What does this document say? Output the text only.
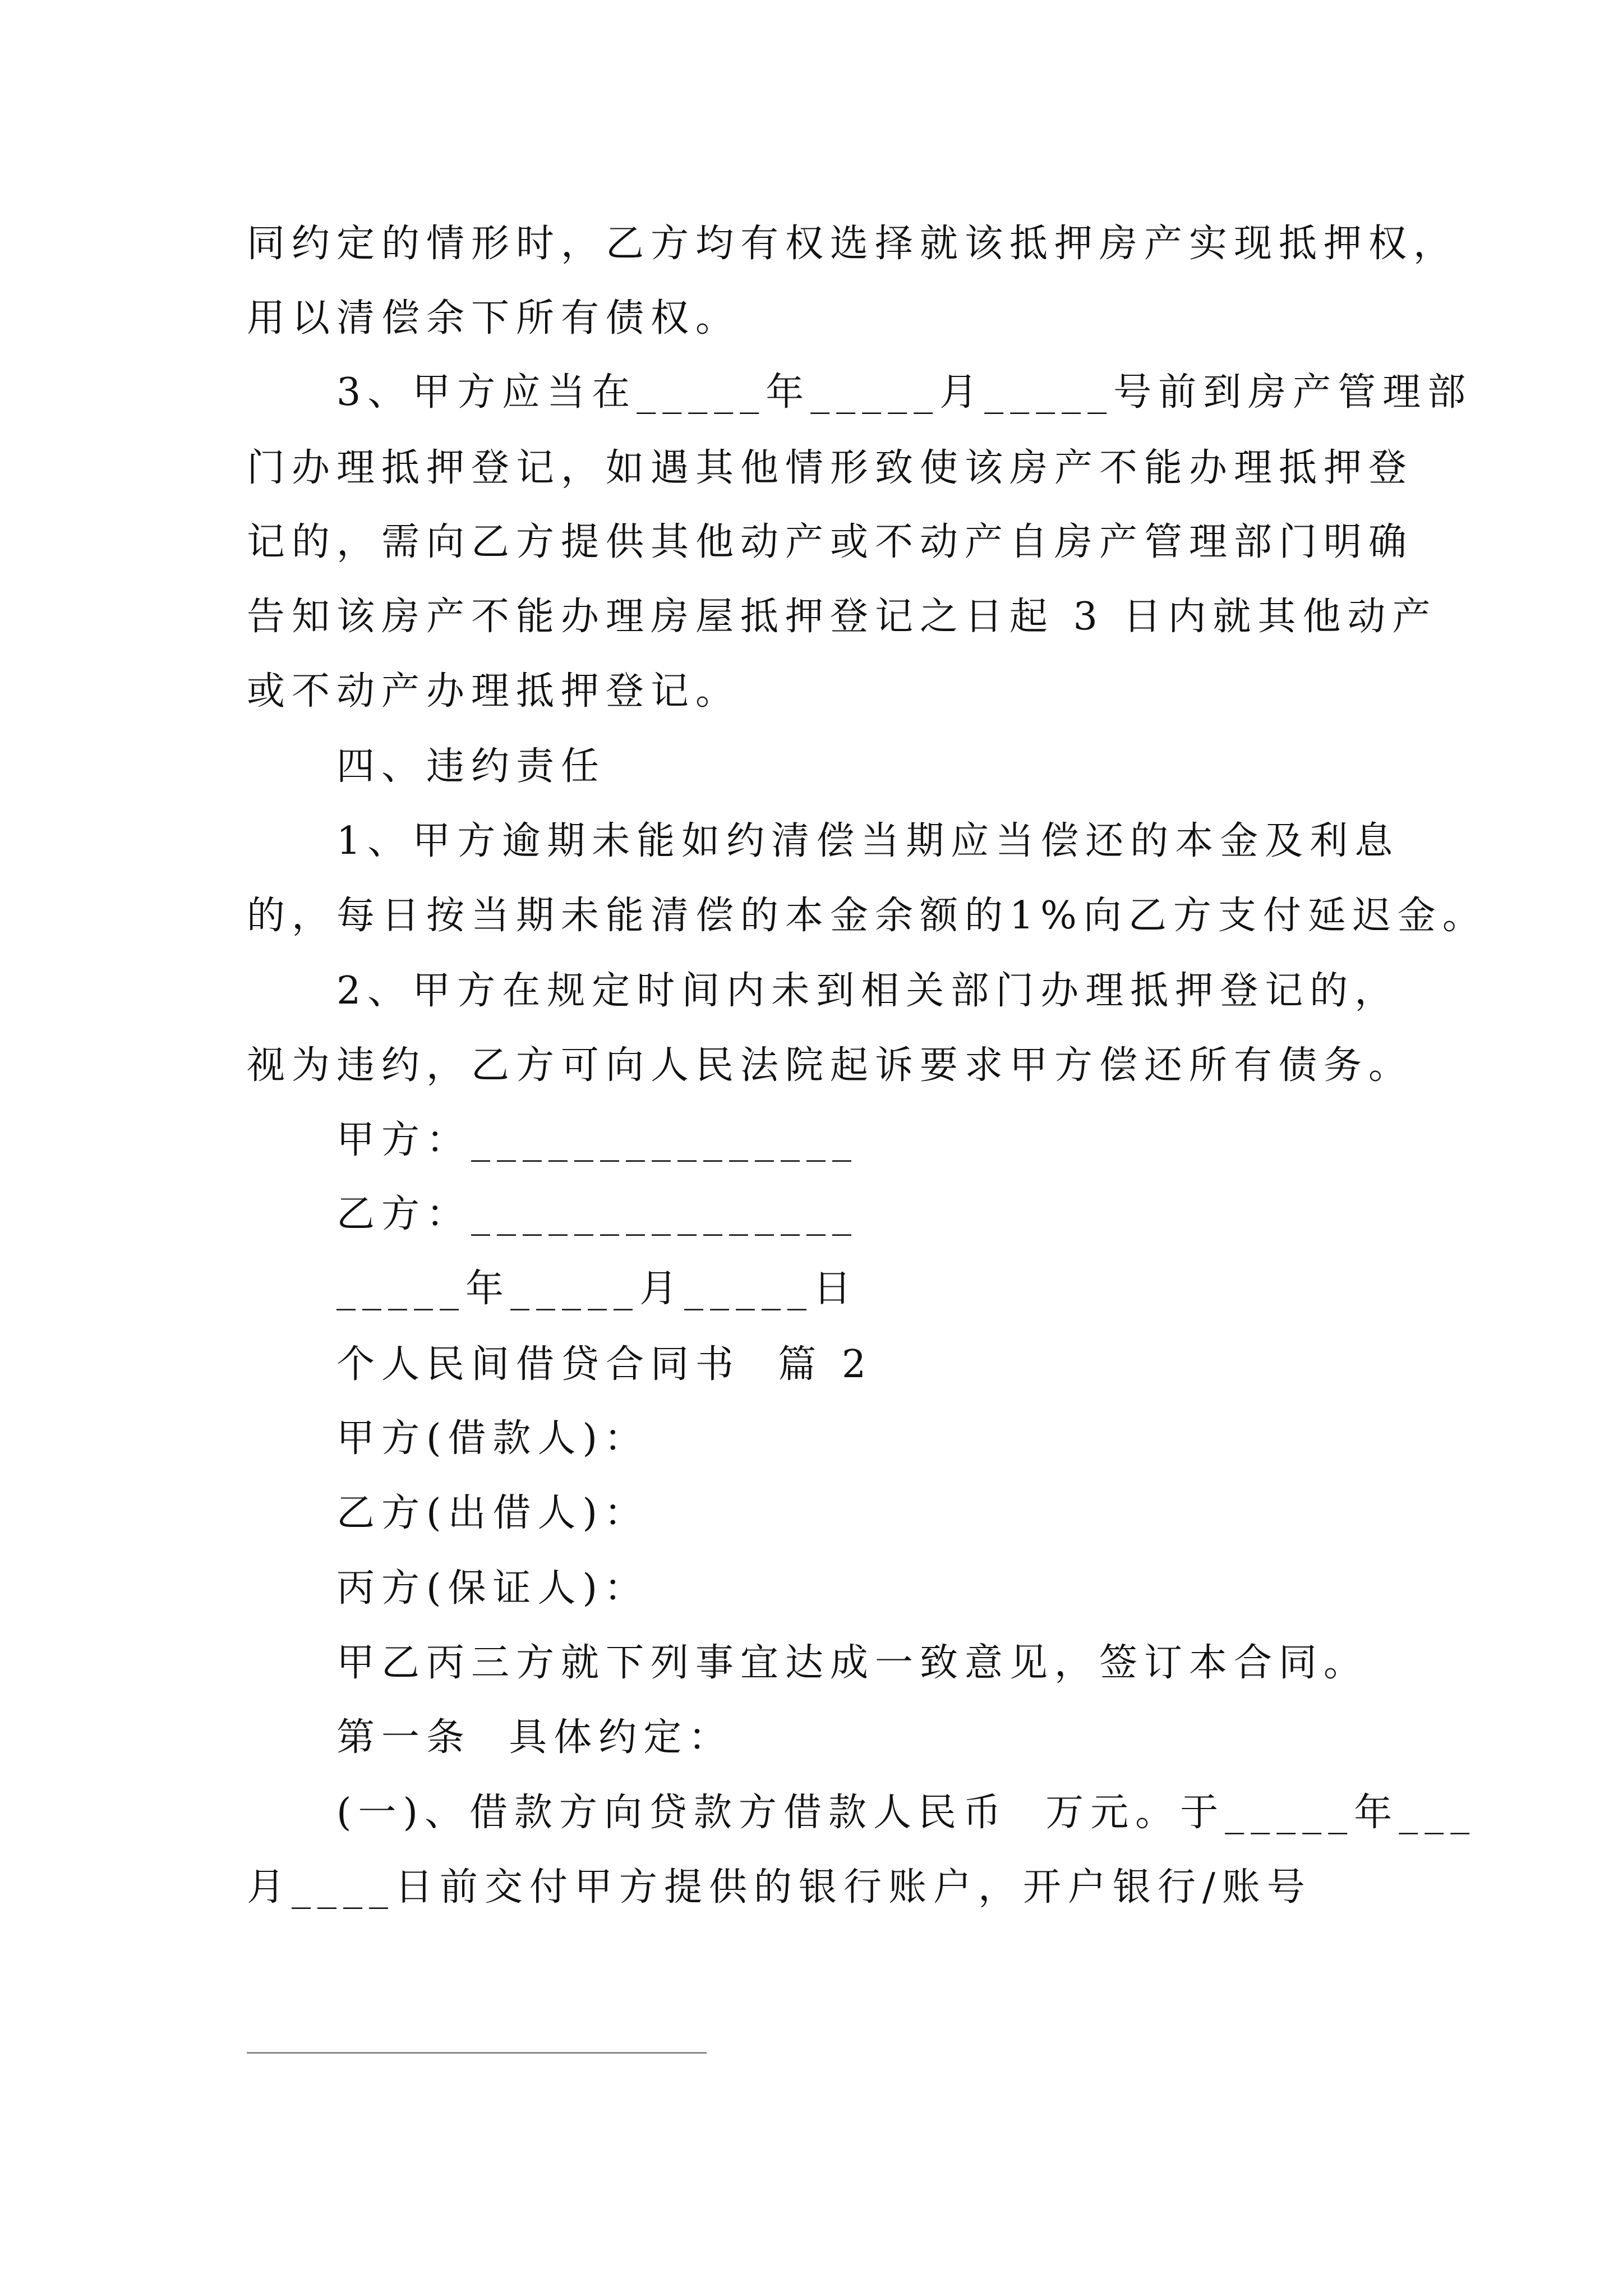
同约定的情形时，乙方均有权选择就该抵押房产实现抵押权，
用以清偿余下所有债权。
3、甲方应当在_____年_____月_____号前到房产管理部
门办理抵押登记，如遇其他情形致使该房产不能办理抵押登
记的，需向乙方提供其他动产或不动产自房产管理部门明确
告知该房产不能办理房屋抵押登记之日起 3 日内就其他动产
或不动产办理抵押登记。
四、违约责任
1、甲方逾期未能如约清偿当期应当偿还的本金及利息
的，每日按当期未能清偿的本金余额的1%向乙方支付延迟金。
2、甲方在规定时间内未到相关部门办理抵押登记的，
视为违约，乙方可向人民法院起诉要求甲方偿还所有债务。
甲方：_______________
乙方：_______________
_____年_____月_____日
个人民间借贷合同书  篇 2
甲方(借款人)：
乙方(出借人)：
丙方(保证人)：
甲乙丙三方就下列事宜达成一致意见，签订本合同。
第一条  具体约定：
(一)、借款方向贷款方借款人民币  万元。于_____年___
月____日前交付甲方提供的银行账户，开户银行/账号
